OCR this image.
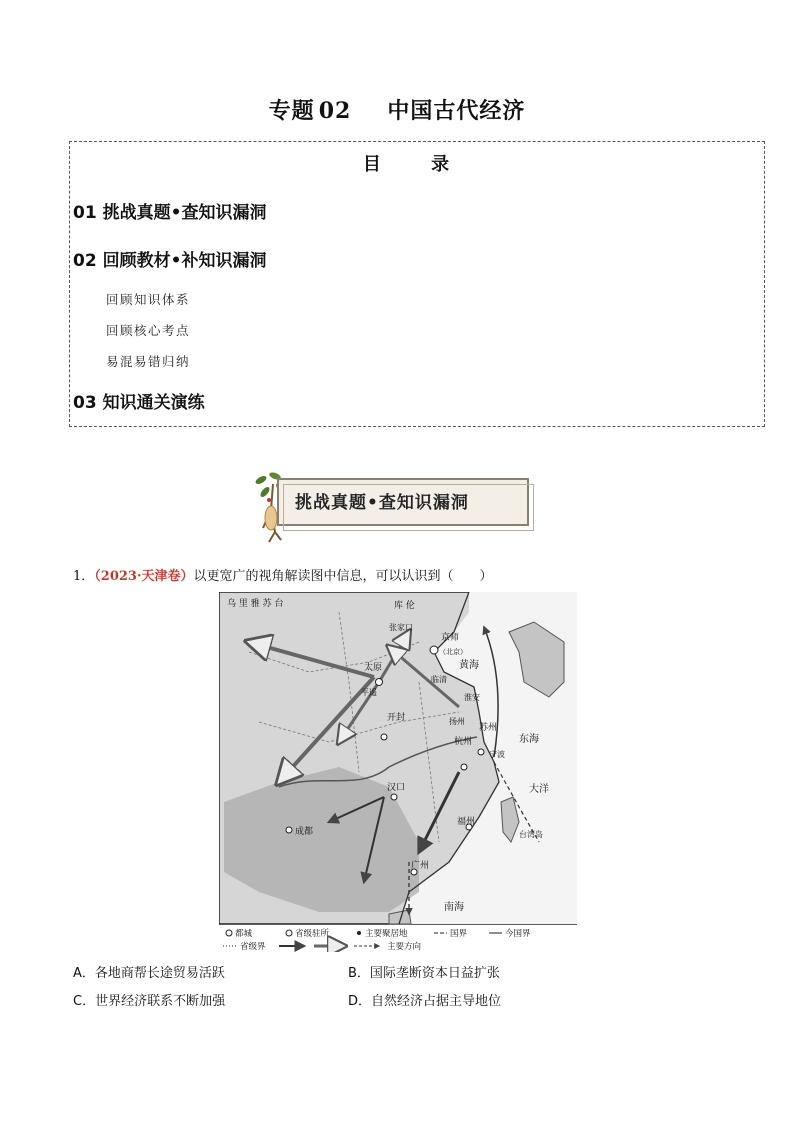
专题 02 中国古代经济
目 录
01 挑战真题•查知识漏洞
02 回顾教材•补知识漏洞
回顾知识体系
回顾核心考点
易混易错归纳
03 知识通关演练
挑战真题•查知识漏洞
1．（2023·天津卷）以更宽广的视角解读图中信息，可以认识到（　　）
乌 里 雅 苏 台	库 伦
张家口
京师
（北京）
太原
平遥
临清
淮安
扬州
苏州
杭州
宁波
开封
汉口
成都
福州
广州
台湾岛
东海
南海
大洋
黄海
都城	省级驻所	主要聚居地	国界	今国界
省级界	主要方向
A．各地商帮长途贸易活跃	B．国际垄断资本日益扩张
C．世界经济联系不断加强	D．自然经济占据主导地位
